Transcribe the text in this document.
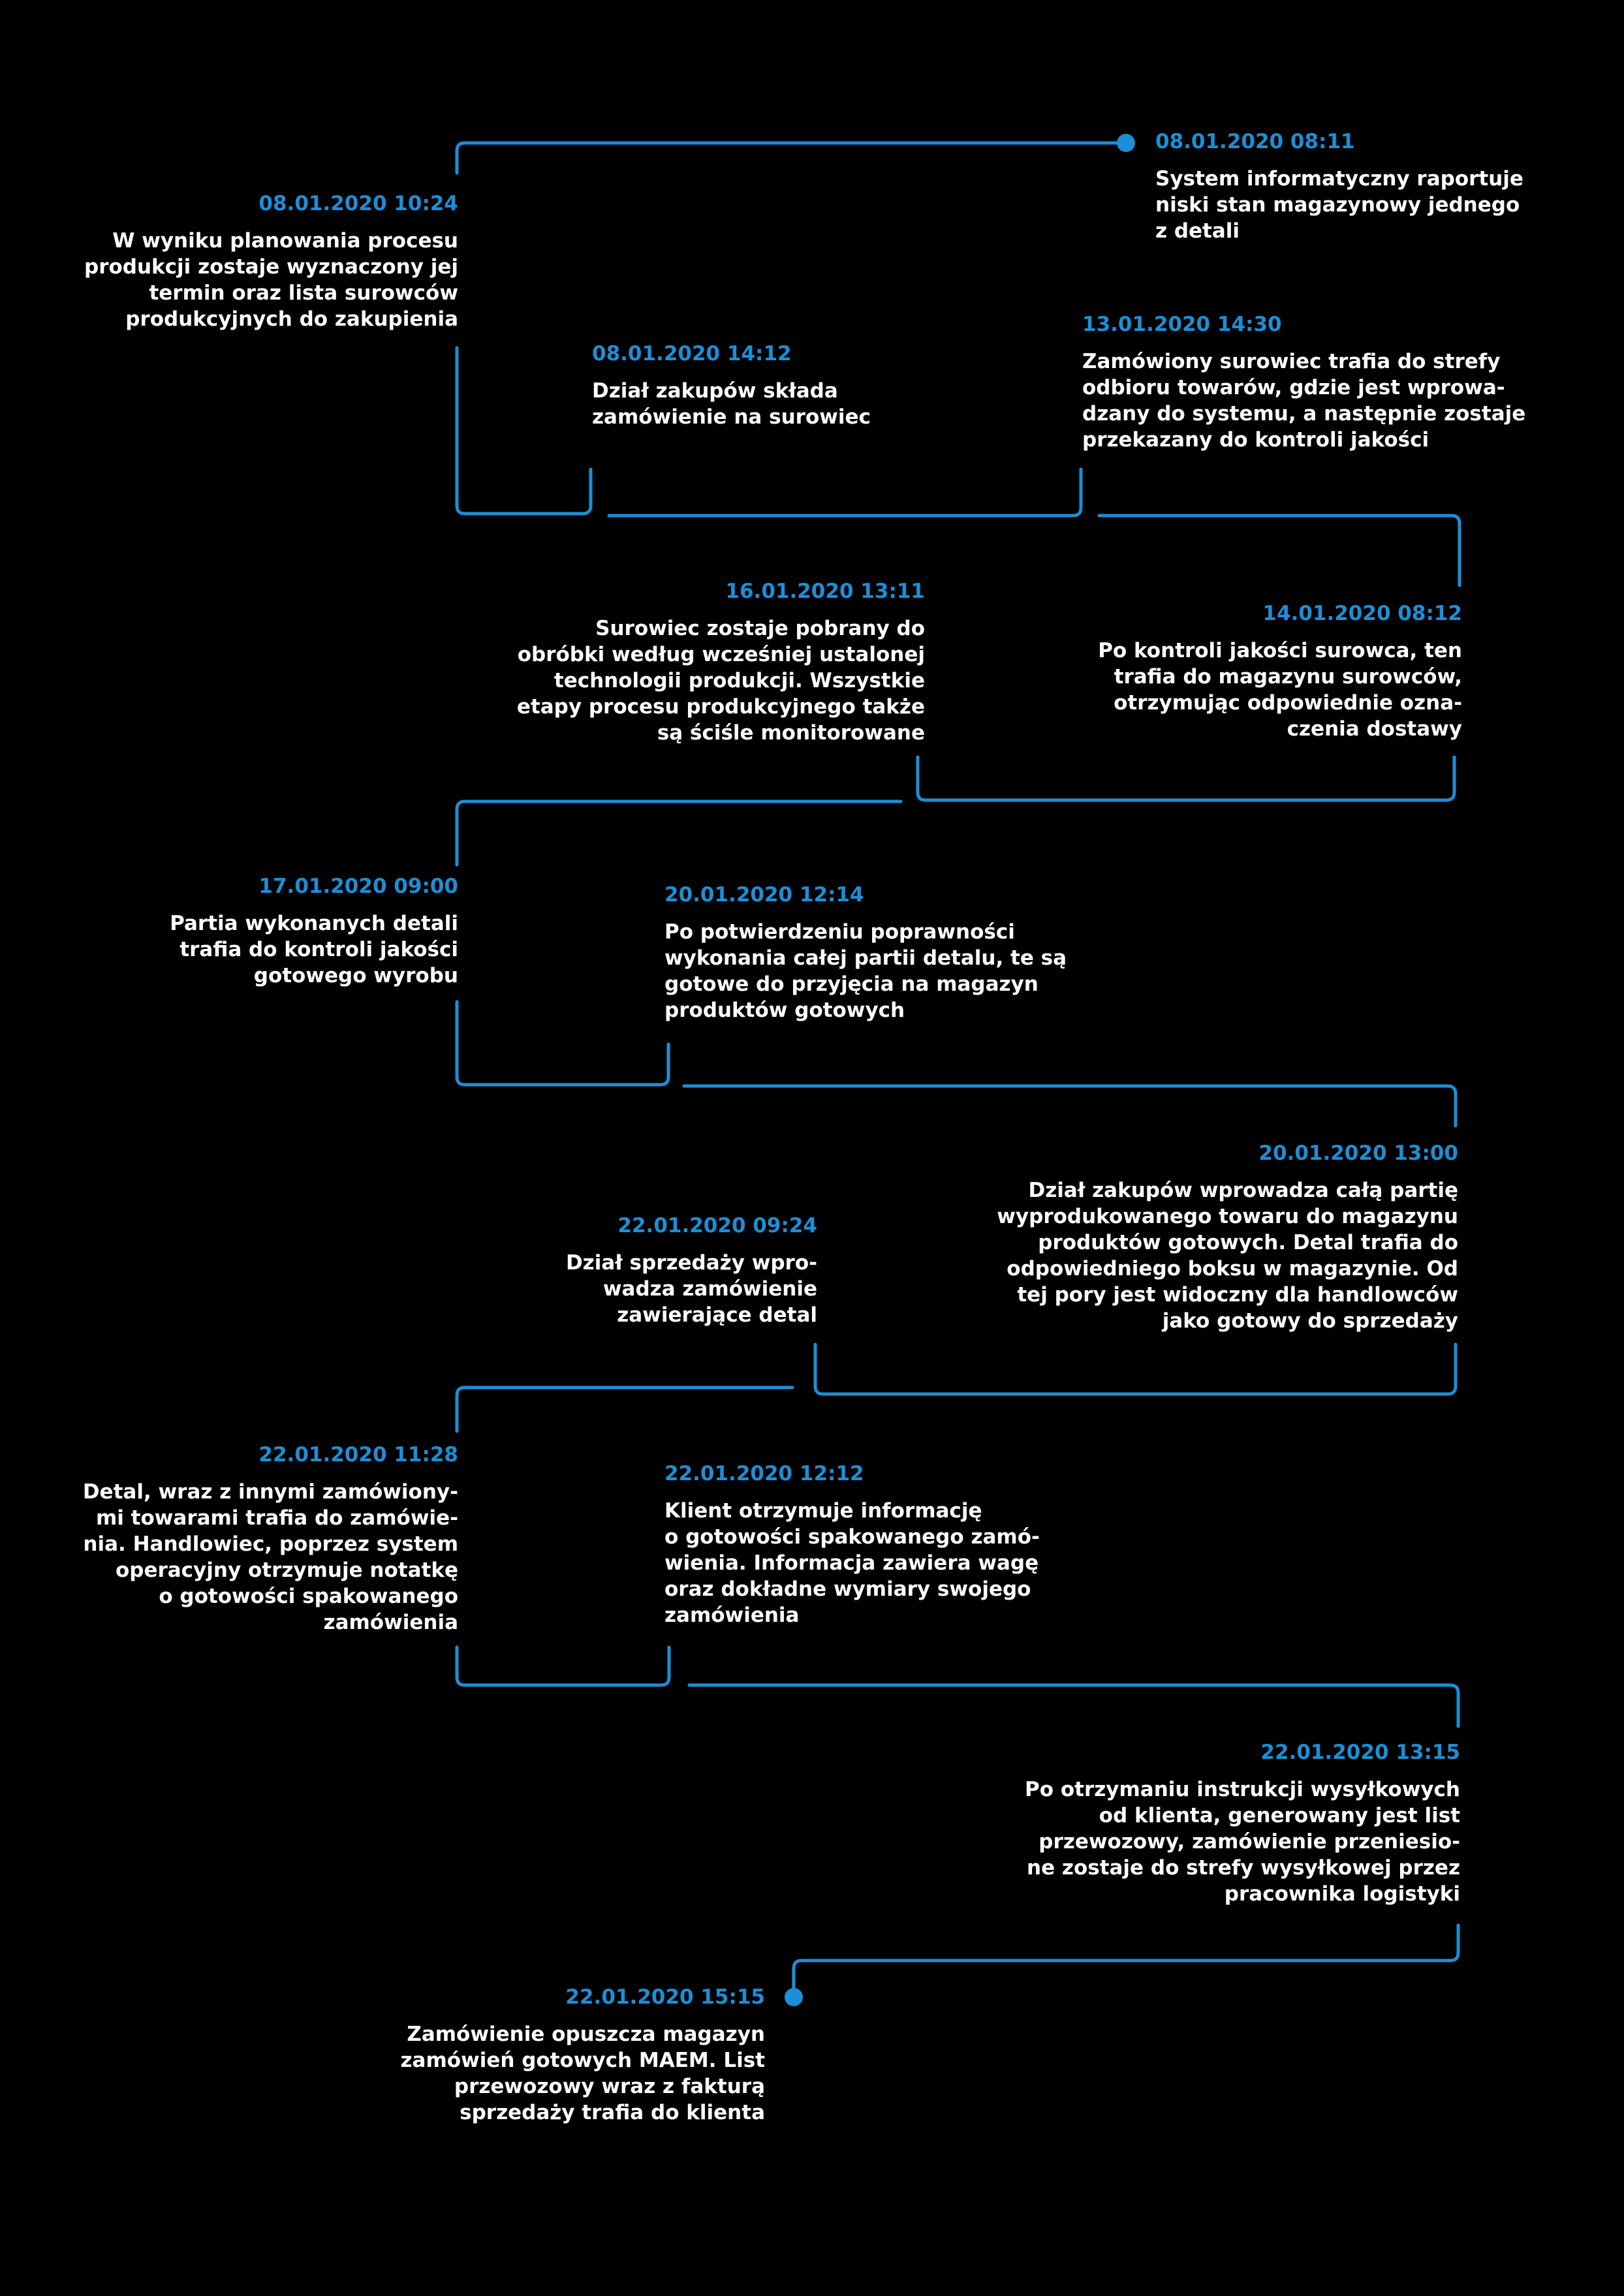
08.01.2020 08:11
System informatyczny raportuje
niski stan magazynowy jednego
z detali
08.01.2020 10:24
W wyniku planowania procesu
produkcji zostaje wyznaczony jej
termin oraz lista surowców
produkcyjnych do zakupienia
08.01.2020 14:12
Dział zakupów składa
zamówienie na surowiec
13.01.2020 14:30
Zamówiony surowiec trafia do strefy
odbioru towarów, gdzie jest wprowa-
dzany do systemu, a następnie zostaje
przekazany do kontroli jakości
14.01.2020 08:12
Po kontroli jakości surowca, ten
trafia do magazynu surowców,
otrzymując odpowiednie ozna-
czenia dostawy
16.01.2020 13:11
Surowiec zostaje pobrany do
obróbki według wcześniej ustalonej
technologii produkcji. Wszystkie
etapy procesu produkcyjnego także
są ściśle monitorowane
17.01.2020 09:00
Partia wykonanych detali
trafia do kontroli jakości
gotowego wyrobu
20.01.2020 12:14
Po potwierdzeniu poprawności
wykonania całej partii detalu, te są
gotowe do przyjęcia na magazyn
produktów gotowych
20.01.2020 13:00
Dział zakupów wprowadza całą partię
wyprodukowanego towaru do magazynu
produktów gotowych. Detal trafia do
odpowiedniego boksu w magazynie. Od
tej pory jest widoczny dla handlowców
jako gotowy do sprzedaży
22.01.2020 09:24
Dział sprzedaży wpro-
wadza zamówienie
zawierające detal
22.01.2020 11:28
Detal, wraz z innymi zamówiony-
mi towarami trafia do zamówie-
nia. Handlowiec, poprzez system
operacyjny otrzymuje notatkę
o gotowości spakowanego
zamówienia
22.01.2020 12:12
Klient otrzymuje informację
o gotowości spakowanego zamó-
wienia. Informacja zawiera wagę
oraz dokładne wymiary swojego
zamówienia
22.01.2020 13:15
Po otrzymaniu instrukcji wysyłkowych
od klienta, generowany jest list
przewozowy, zamówienie przeniesio-
ne zostaje do strefy wysyłkowej przez
pracownika logistyki
22.01.2020 15:15
Zamówienie opuszcza magazyn
zamówień gotowych MAEM. List
przewozowy wraz z fakturą
sprzedaży trafia do klienta
